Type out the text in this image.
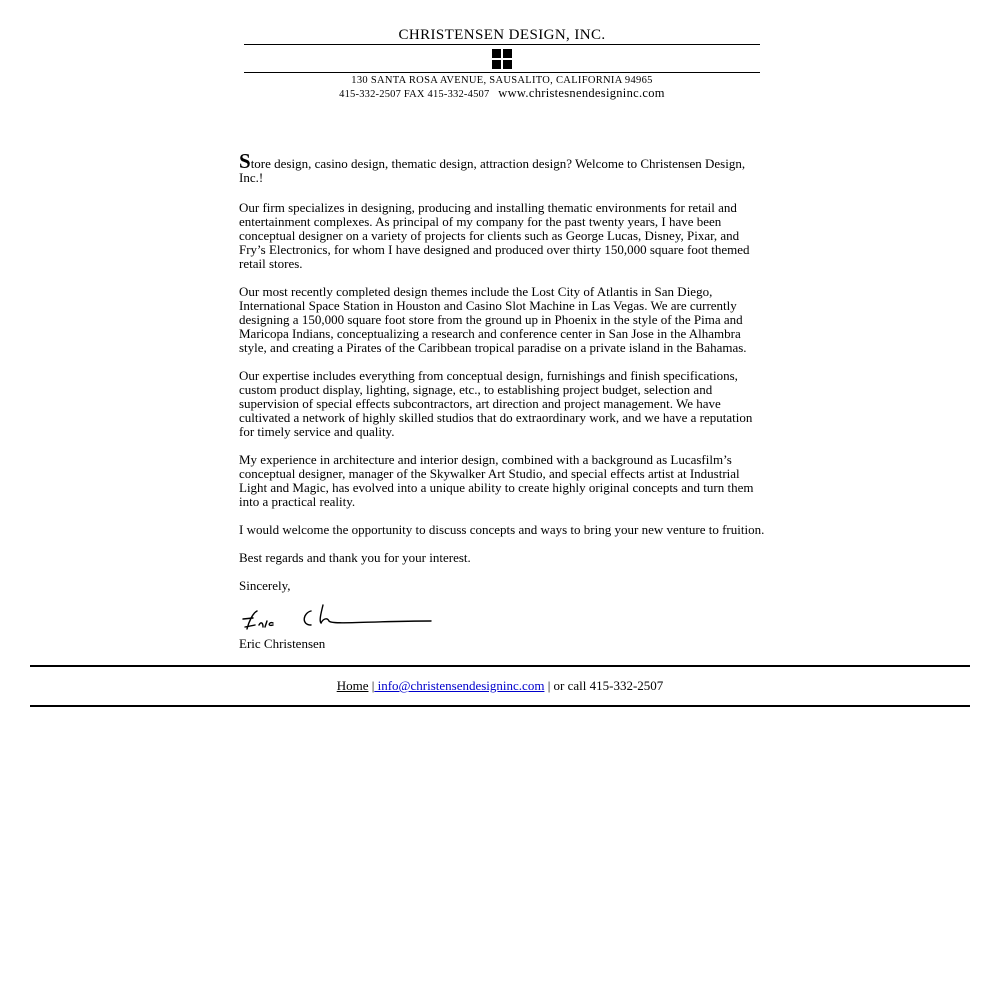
CHRISTENSEN DESIGN, INC.

130 SANTA ROSA AVENUE, SAUSALITO, CALIFORNIA 94965
415-332-2507 FAX 415-332-4507 www.christesnendesigninc.com

Store design, casino design, thematic design, attraction design? Welcome to Christensen Design, Inc.!

Our firm specializes in designing, producing and installing thematic environments for retail and entertainment complexes. As principal of my company for the past twenty years, I have been conceptual designer on a variety of projects for clients such as George Lucas, Disney, Pixar, and Fry’s Electronics, for whom I have designed and produced over thirty 150,000 square foot themed retail stores.

Our most recently completed design themes include the Lost City of Atlantis in San Diego, International Space Station in Houston and Casino Slot Machine in Las Vegas. We are currently designing a 150,000 square foot store from the ground up in Phoenix in the style of the Pima and Maricopa Indians, conceptualizing a research and conference center in San Jose in the Alhambra style, and creating a Pirates of the Caribbean tropical paradise on a private island in the Bahamas.

Our expertise includes everything from conceptual design, furnishings and finish specifications, custom product display, lighting, signage, etc., to establishing project budget, selection and supervision of special effects subcontractors, art direction and project management. We have cultivated a network of highly skilled studios that do extraordinary work, and we have a reputation for timely service and quality.

My experience in architecture and interior design, combined with a background as Lucasfilm’s conceptual designer, manager of the Skywalker Art Studio, and special effects artist at Industrial Light and Magic, has evolved into a unique ability to create highly original concepts and turn them into a practical reality.

I would welcome the opportunity to discuss concepts and ways to bring your new venture to fruition.

Best regards and thank you for your interest.

Sincerely,

Eric Christensen
Home | info@christensendesigninc.com | or call 415-332-2507
